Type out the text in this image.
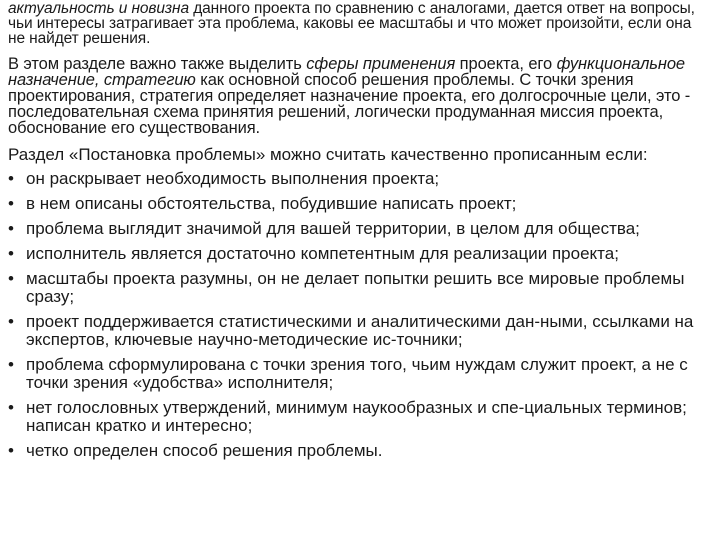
актуальность и новизна данного проекта по сравнению с аналогами, дается ответ на вопросы, чьи интересы затрагивает эта проблема, каковы ее масштабы и что может произойти, если она не найдет решения.

В этом разделе важно также выделить сферы применения проекта, его функциональное назначение, стратегию как основной способ решения проблемы. С точки зрения проектирования, стратегия определяет назначение проекта, его долгосрочные цели, это - последовательная схема принятия решений, логически продуманная миссия проекта, обоснование его существования.

Раздел «Постановка проблемы» можно считать качественно прописанным если:

• он раскрывает необходимость выполнения проекта;
• в нем описаны обстоятельства, побудившие написать проект;
• проблема выглядит значимой для вашей территории, в целом для общества;
• исполнитель является достаточно компетентным для реализации проекта;
• масштабы проекта разумны, он не делает попытки решить все мировые проблемы сразу;
• проект поддерживается статистическими и аналитическими дан-ными, ссылками на экспертов, ключевые научно-методические ис-точники;
• проблема сформулирована с точки зрения того, чьим нуждам служит проект, а не с точки зрения «удобства» исполнителя;
• нет голословных утверждений, минимум наукообразных и спе-циальных терминов; написан кратко и интересно;
• четко определен способ решения проблемы.
